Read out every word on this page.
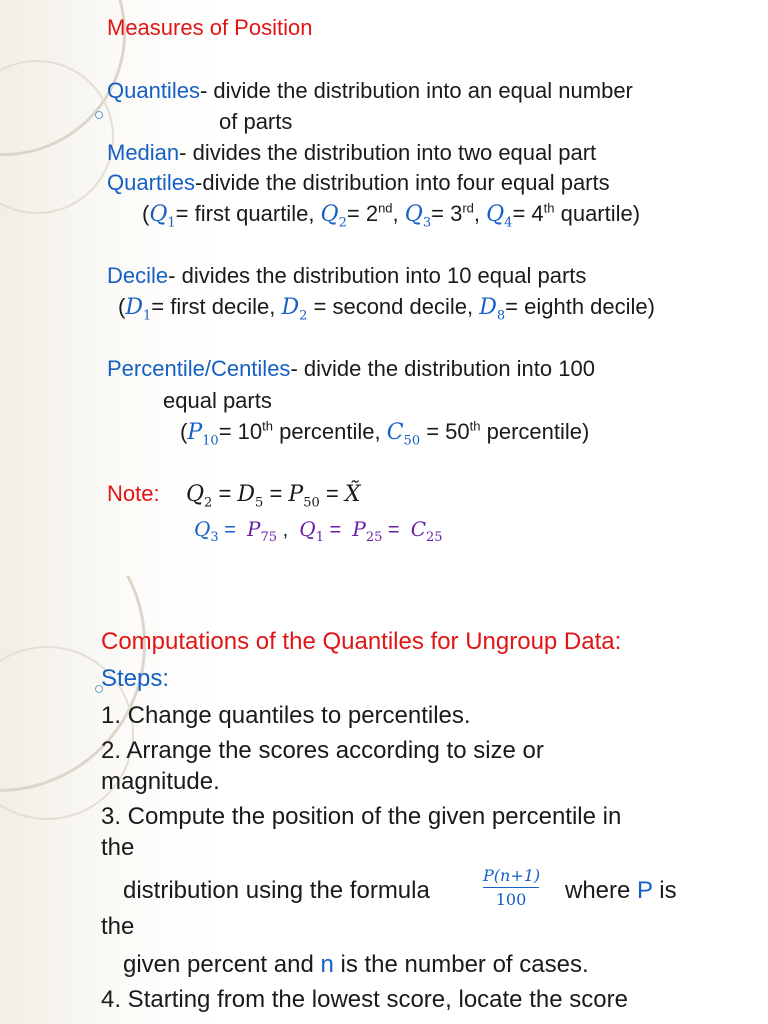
Measures of Position
Quantiles- divide the distribution into an equal number
of parts
Median- divides the distribution into two equal part
Quartiles-divide the distribution into four equal parts
($Q_1=$ first quartile, $Q_2= 2nd$, $Q_3= 3rd$, $Q_4= 4th$ quartile)
Decile- divides the distribution into 10 equal parts
($D_1=$ first decile, $D_2$ = second decile, $D_8=$ eighth decile)
Percentile/Centiles- divide the distribution into 100
equal parts
($P_{10}= 10th$ percentile, $C_{50} = 50th$ percentile)
Note: $Q_2 = D_5 = P_{50}$ = X̃
$Q_3 = P_{75}$ ,  $Q_1 = P_{25} = C_{25}$
Computations of the Quantiles for Ungroup Data:
Steps:
1. Change quantiles to percentiles.
2. Arrange the scores according to size or
magnitude.
3. Compute the position of the given percentile in
the
distribution using the formula	$\frac{P(n+1)}{100}$ where P is
the
given percent and n is the number of cases.
4. Starting from the lowest score, locate the score
